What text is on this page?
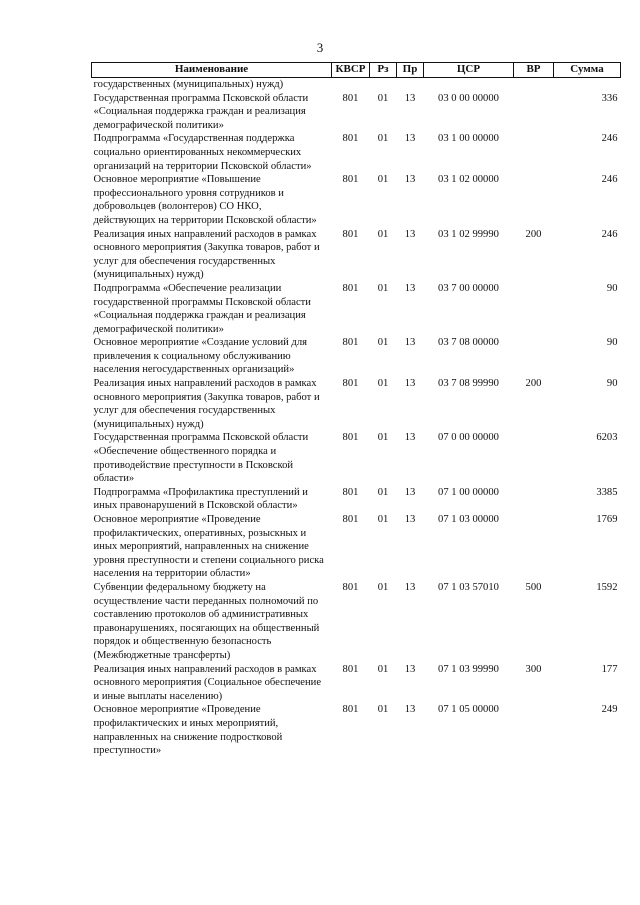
3
Наименование	КВСР	Рз	Пр	ЦСР	ВР	Сумма
государственных (муниципальных) нужд)						
Государственная программа Псковской области «Социальная поддержка граждан и реализация демографической политики»	801	01	13	03 0 00 00000		336
Подпрограмма «Государственная поддержка социально ориентированных некоммерческих организаций на территории Псковской области»	801	01	13	03 1 00 00000		246
Основное мероприятие «Повышение профессионального уровня сотрудников и добровольцев (волонтеров) СО НКО, действующих на территории Псковской области»	801	01	13	03 1 02 00000		246
Реализация иных направлений расходов в рамках основного мероприятия (Закупка товаров, работ и услуг для обеспечения государственных (муниципальных) нужд)	801	01	13	03 1 02 99990	200	246
Подпрограмма «Обеспечение реализации государственной программы Псковской области «Социальная поддержка граждан и реализация демографической политики»	801	01	13	03 7 00 00000		90
Основное мероприятие «Создание условий для привлечения к социальному обслуживанию населения негосударственных организаций»	801	01	13	03 7 08 00000		90
Реализация иных направлений расходов в рамках основного мероприятия (Закупка товаров, работ и услуг для обеспечения государственных (муниципальных) нужд)	801	01	13	03 7 08 99990	200	90
Государственная программа Псковской области «Обеспечение общественного порядка и противодействие преступности в Псковской области»	801	01	13	07 0 00 00000		6203
Подпрограмма «Профилактика преступлений и иных правонарушений в Псковской области»	801	01	13	07 1 00 00000		3385
Основное мероприятие «Проведение профилактических, оперативных, розыскных и иных мероприятий, направленных на снижение уровня преступности и степени социального риска населения на территории области»	801	01	13	07 1 03 00000		1769
Субвенции федеральному бюджету на осуществление части переданных полномочий по составлению протоколов об административных правонарушениях, посягающих на общественный порядок и общественную безопасность (Межбюджетные трансферты)	801	01	13	07 1 03 57010	500	1592
Реализация иных направлений расходов в рамках основного мероприятия (Социальное обеспечение и иные выплаты населению)	801	01	13	07 1 03 99990	300	177
Основное мероприятие «Проведение профилактических и иных мероприятий, направленных на снижение подростковой преступности»	801	01	13	07 1 05 00000		249
